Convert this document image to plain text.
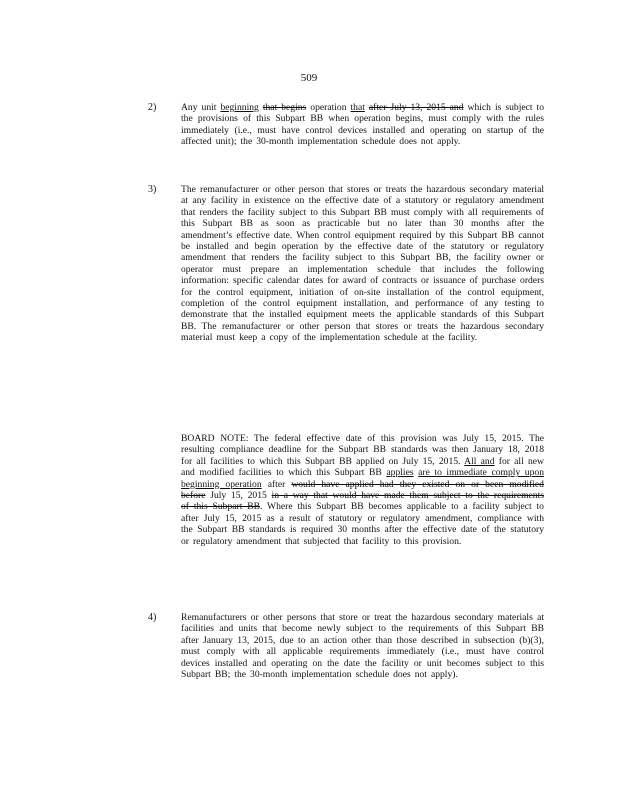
509
2)	Any unit beginning that begins operation that after July 13, 2015 and which is subject to the provisions of this Subpart BB when operation begins, must comply with the rules immediately (i.e., must have control devices installed and operating on startup of the affected unit); the 30-month implementation schedule does not apply.
3)	The remanufacturer or other person that stores or treats the hazardous secondary material at any facility in existence on the effective date of a statutory or regulatory amendment that renders the facility subject to this Subpart BB must comply with all requirements of this Subpart BB as soon as practicable but no later than 30 months after the amendment’s effective date. When control equipment required by this Subpart BB cannot be installed and begin operation by the effective date of the statutory or regulatory amendment that renders the facility subject to this Subpart BB, the facility owner or operator must prepare an implementation schedule that includes the following information: specific calendar dates for award of contracts or issuance of purchase orders for the control equipment, initiation of on-site installation of the control equipment, completion of the control equipment installation, and performance of any testing to demonstrate that the installed equipment meets the applicable standards of this Subpart BB. The remanufacturer or other person that stores or treats the hazardous secondary material must keep a copy of the implementation schedule at the facility.
BOARD NOTE: The federal effective date of this provision was July 15, 2015. The resulting compliance deadline for the Subpart BB standards was then January 18, 2018 for all facilities to which this Subpart BB applied on July 15, 2015. All and for all new and modified facilities to which this Subpart BB applies are to immediate comply upon beginning operation after would have applied had they existed on or been modified before July 15, 2015 in a way that would have made them subject to the requirements of this Subpart BB. Where this Subpart BB becomes applicable to a facility subject to after July 15, 2015 as a result of statutory or regulatory amendment, compliance with the Subpart BB standards is required 30 months after the effective date of the statutory or regulatory amendment that subjected that facility to this provision.
4)	Remanufacturers or other persons that store or treat the hazardous secondary materials at facilities and units that become newly subject to the requirements of this Subpart BB after January 13, 2015, due to an action other than those described in subsection (b)(3), must comply with all applicable requirements immediately (i.e., must have control devices installed and operating on the date the facility or unit becomes subject to this Subpart BB; the 30-month implementation schedule does not apply).
